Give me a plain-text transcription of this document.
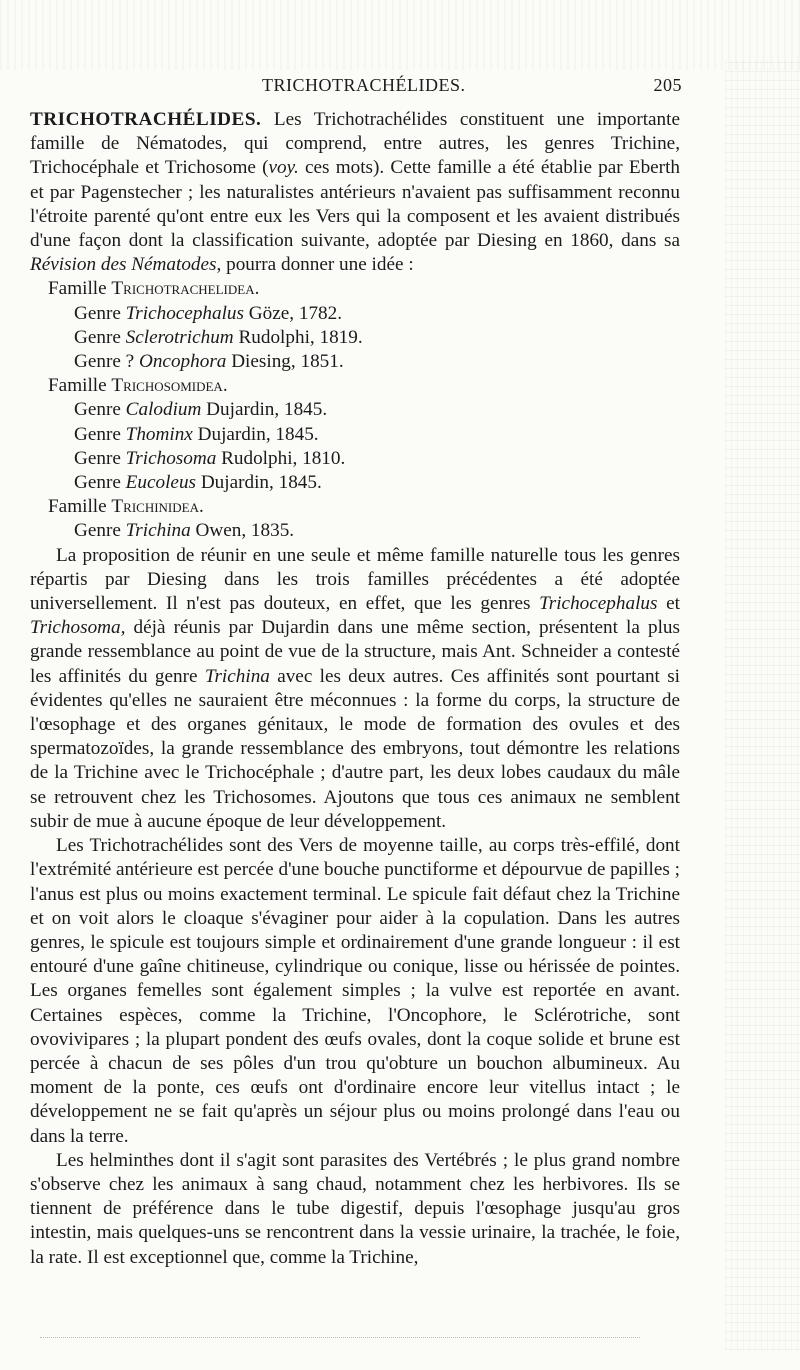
TRICHOTRACHÉLIDES.	205

TRICHOTRACHÉLIDES. Les Trichotrachélides constituent une importante famille de Nématodes, qui comprend, entre autres, les genres Trichine, Trichocéphale et Trichosome (voy. ces mots). Cette famille a été établie par Eberth et par Pagenstecher ; les naturalistes antérieurs n'avaient pas suffisamment reconnu l'étroite parenté qu'ont entre eux les Vers qui la composent et les avaient distribués d'une façon dont la classification suivante, adoptée par Diesing en 1860, dans sa Révision des Nématodes, pourra donner une idée :

Famille Trichotrachelidea.
Genre Trichocephalus Göze, 1782.
Genre Sclerotrichum Rudolphi, 1819.
Genre ? Oncophora Diesing, 1851.
Famille Trichosomidea.
Genre Calodium Dujardin, 1845.
Genre Thominx Dujardin, 1845.
Genre Trichosoma Rudolphi, 1810.
Genre Eucoleus Dujardin, 1845.
Famille Trichinidea.
Genre Trichina Owen, 1835.

La proposition de réunir en une seule et même famille naturelle tous les genres répartis par Diesing dans les trois familles précédentes a été adoptée universellement. Il n'est pas douteux, en effet, que les genres Trichocephalus et Trichosoma, déjà réunis par Dujardin dans une même section, présentent la plus grande ressemblance au point de vue de la structure, mais Ant. Schneider a contesté les affinités du genre Trichina avec les deux autres. Ces affinités sont pourtant si évidentes qu'elles ne sauraient être méconnues : la forme du corps, la structure de l'œsophage et des organes génitaux, le mode de formation des ovules et des spermatozoïdes, la grande ressemblance des embryons, tout démontre les relations de la Trichine avec le Trichocéphale ; d'autre part, les deux lobes caudaux du mâle se retrouvent chez les Trichosomes. Ajoutons que tous ces animaux ne semblent subir de mue à aucune époque de leur développement.

Les Trichotrachélides sont des Vers de moyenne taille, au corps très-effilé, dont l'extrémité antérieure est percée d'une bouche punctiforme et dépourvue de papilles ; l'anus est plus ou moins exactement terminal. Le spicule fait défaut chez la Trichine et on voit alors le cloaque s'évaginer pour aider à la copulation. Dans les autres genres, le spicule est toujours simple et ordinairement d'une grande longueur : il est entouré d'une gaîne chitineuse, cylindrique ou conique, lisse ou hérissée de pointes. Les organes femelles sont également simples ; la vulve est reportée en avant. Certaines espèces, comme la Trichine, l'Oncophore, le Sclérotriche, sont ovovivipares ; la plupart pondent des œufs ovales, dont la coque solide et brune est percée à chacun de ses pôles d'un trou qu'obture un bouchon albumineux. Au moment de la ponte, ces œufs ont d'ordinaire encore leur vitellus intact ; le développement ne se fait qu'après un séjour plus ou moins prolongé dans l'eau ou dans la terre.

Les helminthes dont il s'agit sont parasites des Vertébrés ; le plus grand nombre s'observe chez les animaux à sang chaud, notamment chez les herbivores. Ils se tiennent de préférence dans le tube digestif, depuis l'œsophage jusqu'au gros intestin, mais quelques-uns se rencontrent dans la vessie urinaire, la trachée, le foie, la rate. Il est exceptionnel que, comme la Trichine,
